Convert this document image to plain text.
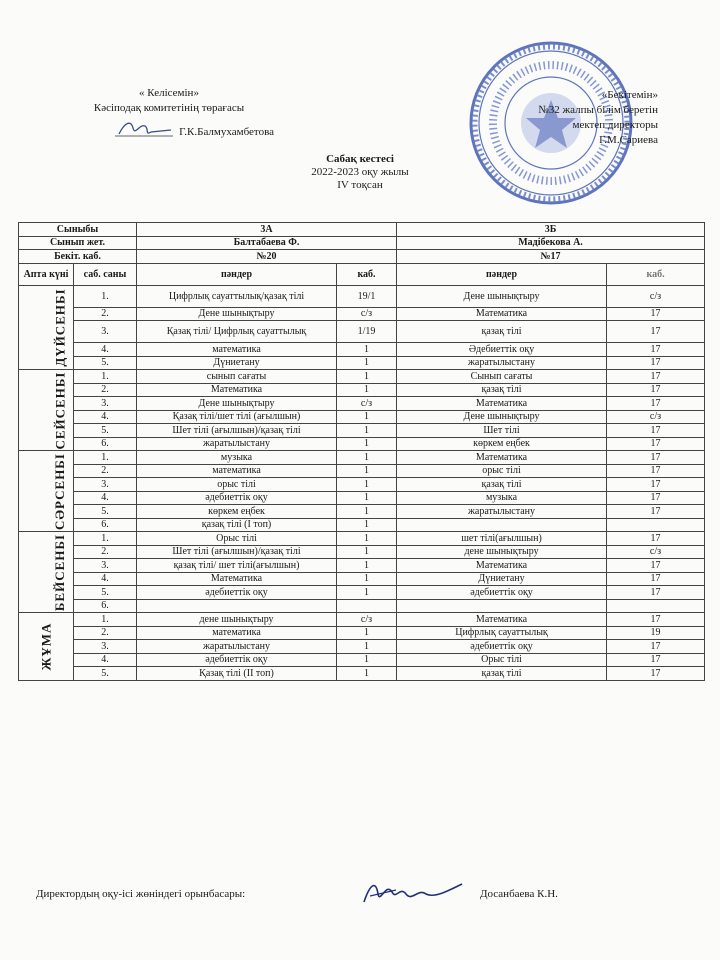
« Келісемін»
Кәсіподақ комитетінің төрағасы
Г.К.Балмухамбетова
«Бекітемін»
№32 жалпы білім беретін
мектеп директоры
Г.М.Сариева
Сабақ кестесі
2022-2023 оқу жылы
IV тоқсан
Сыныбы		3А		3Б	
Сынып жет.		Балтабаева Ф.		Мадібекова А.	
Бекіт. каб.		№20		№17	
Апта күні	саб. саны	пәндер	каб.	пәндер	каб.
ДҮЙСЕНБІ	1.	Цифрлық сауаттылық/қазақ тілі	19/1	Дене шынықтыру	с/з
	2.	Дене шынықтыру	с/з	Математика	17
	3.	Қазақ тілі/ Цифрлық сауаттылық	1/19	қазақ тілі	17
	4.	математика	1	Әдебиеттік оқу	17
	5.	Дүниетану	1	жаратылыстану	17
СЕЙСЕНБІ	1.	сынып сағаты	1	Сынып сағаты	17
	2.	Математика	1	қазақ тілі	17
	3.	Дене шынықтыру	с/з	Математика	17
	4.	Қазақ тілі/шет тілі (ағылшын)	1	Дене шынықтыру	с/з
	5.	Шет тілі (ағылшын)/қазақ тілі	1	Шет тілі	17
	6.	жаратылыстану	1	көркем еңбек	17
СӘРСЕНБІ	1.	музыка	1	Математика	17
	2.	математика	1	орыс тілі	17
	3.	орыс тілі	1	қазақ тілі	17
	4.	әдебиеттік оқу	1	музыка	17
	5.	көркем еңбек	1	жаратылыстану	17
	6.	қазақ тілі (I топ)	1		
БЕЙСЕНБІ	1.	Орыс тілі	1	шет тілі(ағылшын)	17
	2.	Шет тілі (ағылшын)/қазақ тілі	1	дене шынықтыру	с/з
	3.	қазақ тілі/ шет тілі(ағылшын)	1	Математика	17
	4.	Математика	1	Дүниетану	17
	5.	әдебиеттік оқу	1	әдебиеттік оқу	17
	6.				
ЖҰМА	1.	дене шынықтыру	с/з	Математика	17
	2.	математика	1	Цифрлық сауаттылық	19
	3.	жаратылыстану	1	әдебиеттік оқу	17
	4.	әдебиеттік оқу	1	Орыс тілі	17
	5.	Қазақ тілі (II топ)	1	қазақ тілі	17
Директордың оқу-ісі жөніндегі орынбасары:	Досанбаева К.Н.
